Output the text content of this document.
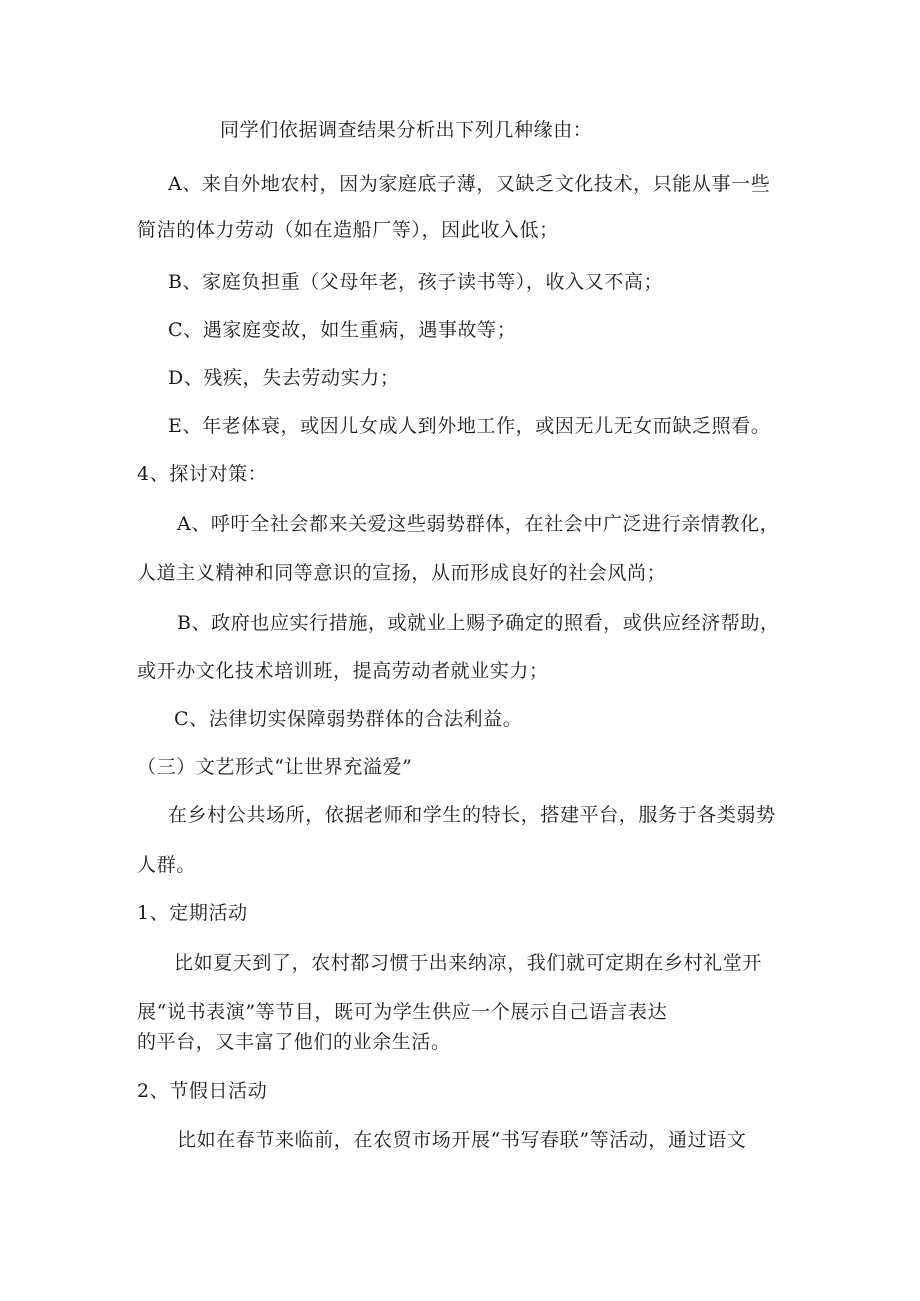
同学们依据调查结果分析出下列几种缘由：
A、来自外地农村，因为家庭底子薄，又缺乏文化技术，只能从事一些
简洁的体力劳动（如在造船厂等），因此收入低；
B、家庭负担重（父母年老，孩子读书等），收入又不高；
C、遇家庭变故，如生重病，遇事故等；
D、残疾，失去劳动实力；
E、年老体衰，或因儿女成人到外地工作，或因无儿无女而缺乏照看。
4、探讨对策：
A、呼吁全社会都来关爱这些弱势群体，在社会中广泛进行亲情教化，
人道主义精神和同等意识的宣扬，从而形成良好的社会风尚；
B、政府也应实行措施，或就业上赐予确定的照看，或供应经济帮助，
或开办文化技术培训班，提高劳动者就业实力；
C、法律切实保障弱势群体的合法利益。
（三）文艺形式“让世界充溢爱”
在乡村公共场所，依据老师和学生的特长，搭建平台，服务于各类弱势
人群。
1、定期活动
比如夏天到了，农村都习惯于出来纳凉，我们就可定期在乡村礼堂开
展“说书表演”等节目，既可为学生供应一个展示自己语言表达
的平台，又丰富了他们的业余生活。
2、节假日活动
比如在春节来临前，在农贸市场开展“书写春联”等活动，通过语文
